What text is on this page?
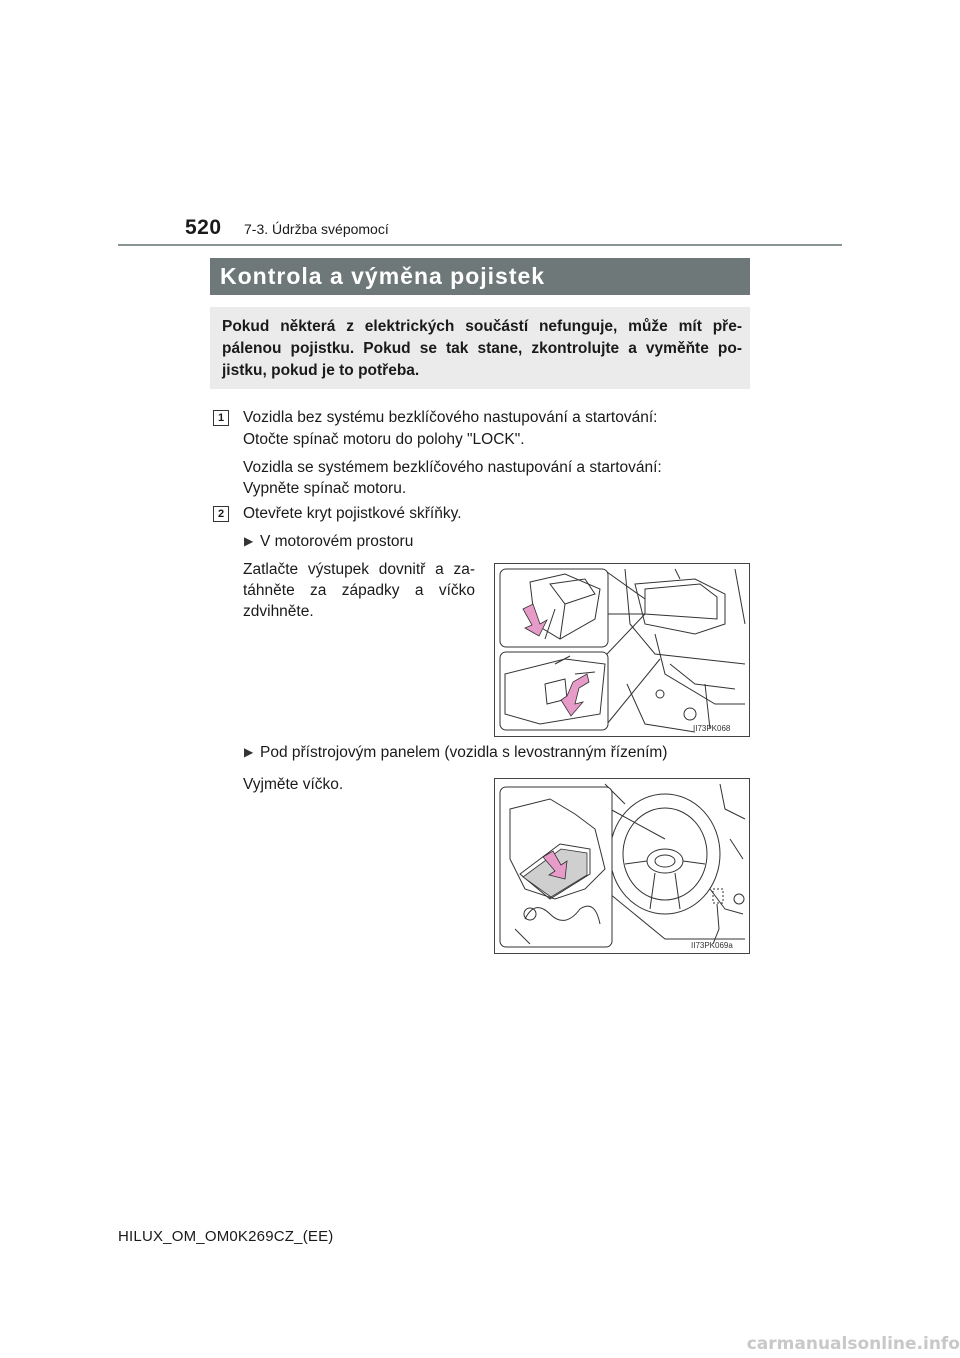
520 7-3. Údržba svépomocí
Kontrola a výměna pojistek
Pokud některá z elektrických součástí nefunguje, může mít pře-pálenou pojistku. Pokud se tak stane, zkontrolujte a vyměňte po-jistku, pokud je to potřeba.
1	Vozidla bez systému bezklíčového nastupování a startování:
Otočte spínač motoru do polohy "LOCK".
Vozidla se systémem bezklíčového nastupování a startování:
Vypněte spínač motoru.
2	Otevřete kryt pojistkové skříňky.
▶ V motorovém prostoru
Zatlačte výstupek dovnitř a za-táhněte za západky a víčko zdvihněte.
II73PK068
▶ Pod přístrojovým panelem (vozidla s levostranným řízením)
Vyjměte víčko.
II73PK069a
HILUX_OM_OM0K269CZ_(EE)
carmanualsonline.info
